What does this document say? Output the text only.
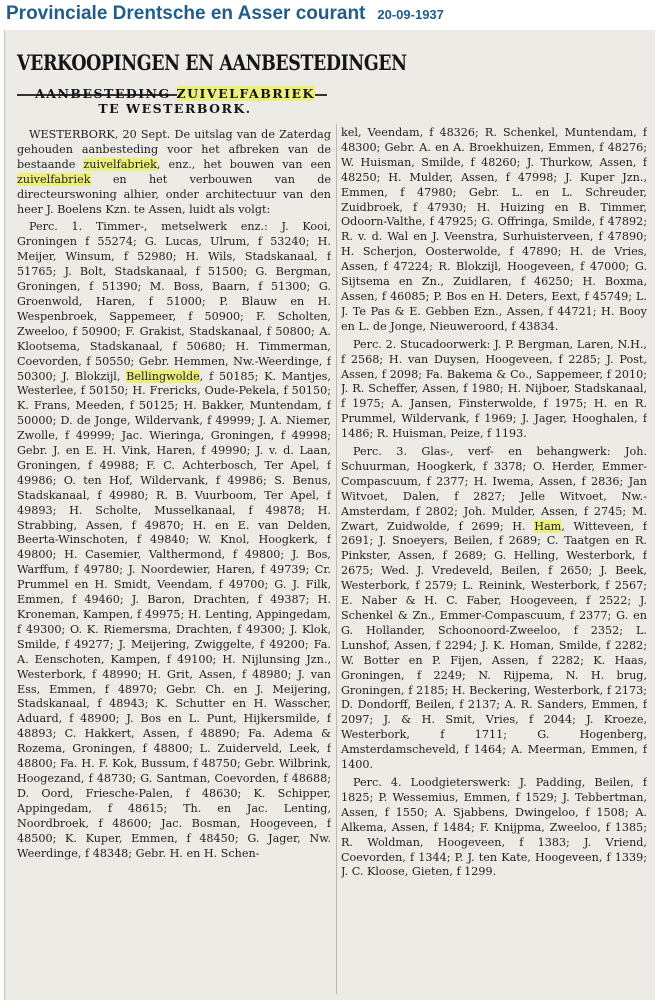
Provinciale Drentsche en Asser courant 20-09-1937
VERKOOPINGEN EN AANBESTEDINGEN
AANBESTEDING ZUIVELFABRIEK
TE WESTERBORK.

WESTERBORK, 20 Sept. De uitslag van de Zaterdag gehouden aanbesteding voor het afbreken van de bestaande zuivelfabriek, enz., het bouwen van een zuivelfabriek en het verbouwen van de directeurswoning alhier, onder architectuur van den heer J. Boelens Kzn. te Assen, luidt als volgt:

Perc. 1. Timmer-, metselwerk enz.: J. Kooi, Groningen f 55274; G. Lucas, Ulrum, f 53240; H. Meijer, Winsum, f 52980; H. Wils, Stadskanaal, f 51765; J. Bolt, Stadskanaal, f 51500; G. Bergman, Groningen, f 51390; M. Boss, Baarn, f 51300; G. Groenwold, Haren, f 51000; P. Blauw en H. Wespenbroek, Sappemeer, f 50900; F. Scholten, Zweeloo, f 50900; F. Grakist, Stadskanaal, f 50800; A. Klootsema, Stadskanaal, f 50680; H. Timmerman, Coevorden, f 50550; Gebr. Hemmen, Nw.-Weerdinge, f 50300; J. Blokzijl, Bellingwolde, f 50185; K. Mantjes, Westerlee, f 50150; H. Frericks, Oude-Pekela, f 50150; K. Frans, Meeden, f 50125; H. Bakker, Muntendam, f 50000; D. de Jonge, Wildervank, f 49999; J. A. Niemer, Zwolle, f 49999; Jac. Wieringa, Groningen, f 49998; Gebr. J. en E. H. Vink, Haren, f 49990; J. v. d. Laan, Groningen, f 49988; F. C. Achterbosch, Ter Apel, f 49986; O. ten Hof, Wildervank, f 49986; S. Benus, Stadskanaal, f 49980; R. B. Vuurboom, Ter Apel, f 49893; H. Scholte, Musselkanaal, f 49878; H. Strabbing, Assen, f 49870; H. en E. van Delden, Beerta-Winschoten, f 49840; W. Knol, Hoogkerk, f 49800; H. Casemier, Valthermond, f 49800; J. Bos, Warffum, f 49780; J. Noordewier, Haren, f 49739; Cr. Prummel en H. Smidt, Veendam, f 49700; G. J. Filk, Emmen, f 49460; J. Baron, Drachten, f 49387; H. Kroneman, Kampen, f 49975; H. Lenting, Appingedam, f 49300; O. K. Riemersma, Drachten, f 49300; J. Klok, Smilde, f 49277; J. Meijering, Zwiggelte, f 49200; Fa. A. Eenschoten, Kampen, f 49100; H. Nijlunsing Jzn., Westerbork, f 48990; H. Grit, Assen, f 48980; J. van Ess, Emmen, f 48970; Gebr. Ch. en J. Meijering, Stadskanaal, f 48943; K. Schutter en H. Wasscher, Aduard, f 48900; J. Bos en L. Punt, Hijkersmilde, f 48893; C. Hakkert, Assen, f 48890; Fa. Adema & Rozema, Groningen, f 48800; L. Zuiderveld, Leek, f 48800; Fa. H. F. Kok, Bussum, f 48750; Gebr. Wilbrink, Hoogezand, f 48730; G. Santman, Coevorden, f 48688; D. Oord, Friesche-Palen, f 48630; K. Schipper, Appingedam, f 48615; Th. en Jac. Lenting, Noordbroek, f 48600; Jac. Bosman, Hoogeveen, f 48500; K. Kuper, Emmen, f 48450; G. Jager, Nw. Weerdinge, f 48348; Gebr. H. en H. Schen-

kel, Veendam, f 48326; R. Schenkel, Muntendam, f 48300; Gebr. A. en A. Broekhuizen, Emmen, f 48276; W. Huisman, Smilde, f 48260; J. Thurkow, Assen, f 48250; H. Mulder, Assen, f 47998; J. Kuper Jzn., Emmen, f 47980; Gebr. L. en L. Schreuder, Zuidbroek, f 47930; H. Huizing en B. Timmer, Odoorn-Valthe, f 47925; G. Offringa, Smilde, f 47892; R. v. d. Wal en J. Veenstra, Surhuisterveen, f 47890; H. Scherjon, Oosterwolde, f 47890; H. de Vries, Assen, f 47224; R. Blokzijl, Hoogeveen, f 47000; G. Sijtsema en Zn., Zuidlaren, f 46250; H. Boxma, Assen, f 46085; P. Bos en H. Deters, Eext, f 45749; L. J. Te Pas & E. Gebben Ezn., Assen, f 44721; H. Booy en L. de Jonge, Nieuweroord, f 43834.

Perc. 2. Stucadoorwerk: J. P. Bergman, Laren, N.H., f 2568; H. van Duysen, Hoogeveen, f 2285; J. Post, Assen, f 2098; Fa. Bakema & Co., Sappemeer, f 2010; J. R. Scheffer, Assen, f 1980; H. Nijboer, Stadskanaal, f 1975; A. Jansen, Finsterwolde, f 1975; H. en R. Prummel, Wildervank, f 1969; J. Jager, Hooghalen, f 1486; R. Huisman, Peize, f 1193.

Perc. 3. Glas-, verf- en behangwerk: Joh. Schuurman, Hoogkerk, f 3378; O. Herder, Emmer-Compascuum, f 2377; H. Iwema, Assen, f 2836; Jan Witvoet, Dalen, f 2827; Jelle Witvoet, Nw.-Amsterdam, f 2802; Joh. Mulder, Assen, f 2745; M. Zwart, Zuidwolde, f 2699; H. Ham, Witteveen, f 2691; J. Snoeyers, Beilen, f 2689; C. Taatgen en R. Pinkster, Assen, f 2689; G. Helling, Westerbork, f 2675; Wed. J. Vredeveld, Beilen, f 2650; J. Beek, Westerbork, f 2579; L. Reinink, Westerbork, f 2567; E. Naber & H. C. Faber, Hoogeveen, f 2522; J. Schenkel & Zn., Emmer-Compascuum, f 2377; G. en G. Hollander, Schoonoord-Zweeloo, f 2352; L. Lunshof, Assen, f 2294; J. K. Homan, Smilde, f 2282; W. Botter en P. Fijen, Assen, f 2282; K. Haas, Groningen, f 2249; N. Rijpema, N. H. brug, Groningen, f 2185; H. Beckering, Westerbork, f 2173; D. Dondorff, Beilen, f 2137; A. R. Sanders, Emmen, f 2097; J. & H. Smit, Vries, f 2044; J. Kroeze, Westerbork, f 1711; G. Hogenberg, Amsterdamscheveld, f 1464; A. Meerman, Emmen, f 1400.

Perc. 4. Loodgieterswerk: J. Padding, Beilen, f 1825; P. Wessemius, Emmen, f 1529; J. Tebbertman, Assen, f 1550; A. Sjabbens, Dwingeloo, f 1508; A. Alkema, Assen, f 1484; F. Knijpma, Zweeloo, f 1385; R. Woldman, Hoogeveen, f 1383; J. Vriend, Coevorden, f 1344; P. J. ten Kate, Hoogeveen, f 1339; J. C. Kloose, Gieten, f 1299.
